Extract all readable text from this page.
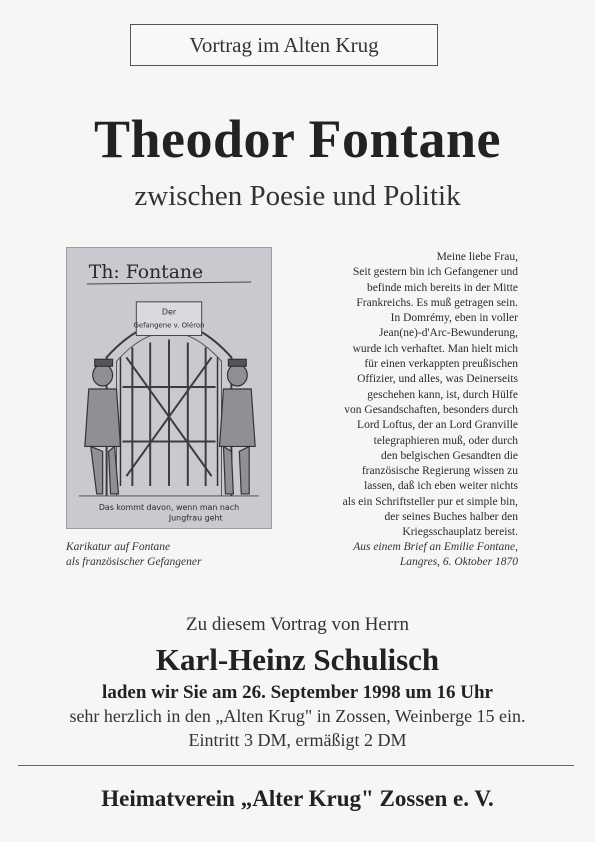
Vortrag im Alten Krug
Theodor Fontane
zwischen Poesie und Politik
Th: Fontane
Der
Gefangene v. Oléron
Das kommt davon, wenn man nach
Jungfrau geht
Karikatur auf Fontane
als französischer Gefangener
Meine liebe Frau,
Seit gestern bin ich Gefangener und
befinde mich bereits in der Mitte
Frankreichs. Es muß getragen sein.
In Domrémy, eben in voller
Jean(ne)-d'Arc-Bewunderung,
wurde ich verhaftet. Man hielt mich
für einen verkappten preußischen
Offizier, und alles, was Deinerseits
geschehen kann, ist, durch Hülfe
von Gesandschaften, besonders durch
Lord Loftus, der an Lord Granville
telegraphieren muß, oder durch
den belgischen Gesandten die
französische Regierung wissen zu
lassen, daß ich eben weiter nichts
als ein Schriftsteller pur et simple bin,
der seines Buches halber den
Kriegsschauplatz bereist.
Aus einem Brief an Emilie Fontane,
Langres, 6. Oktober 1870
Zu diesem Vortrag von Herrn
Karl-Heinz Schulisch
laden wir Sie am 26. September 1998 um 16 Uhr
sehr herzlich in den „Alten Krug" in Zossen, Weinberge 15 ein.
Eintritt 3 DM, ermäßigt 2 DM
Heimatverein „Alter Krug" Zossen e. V.
